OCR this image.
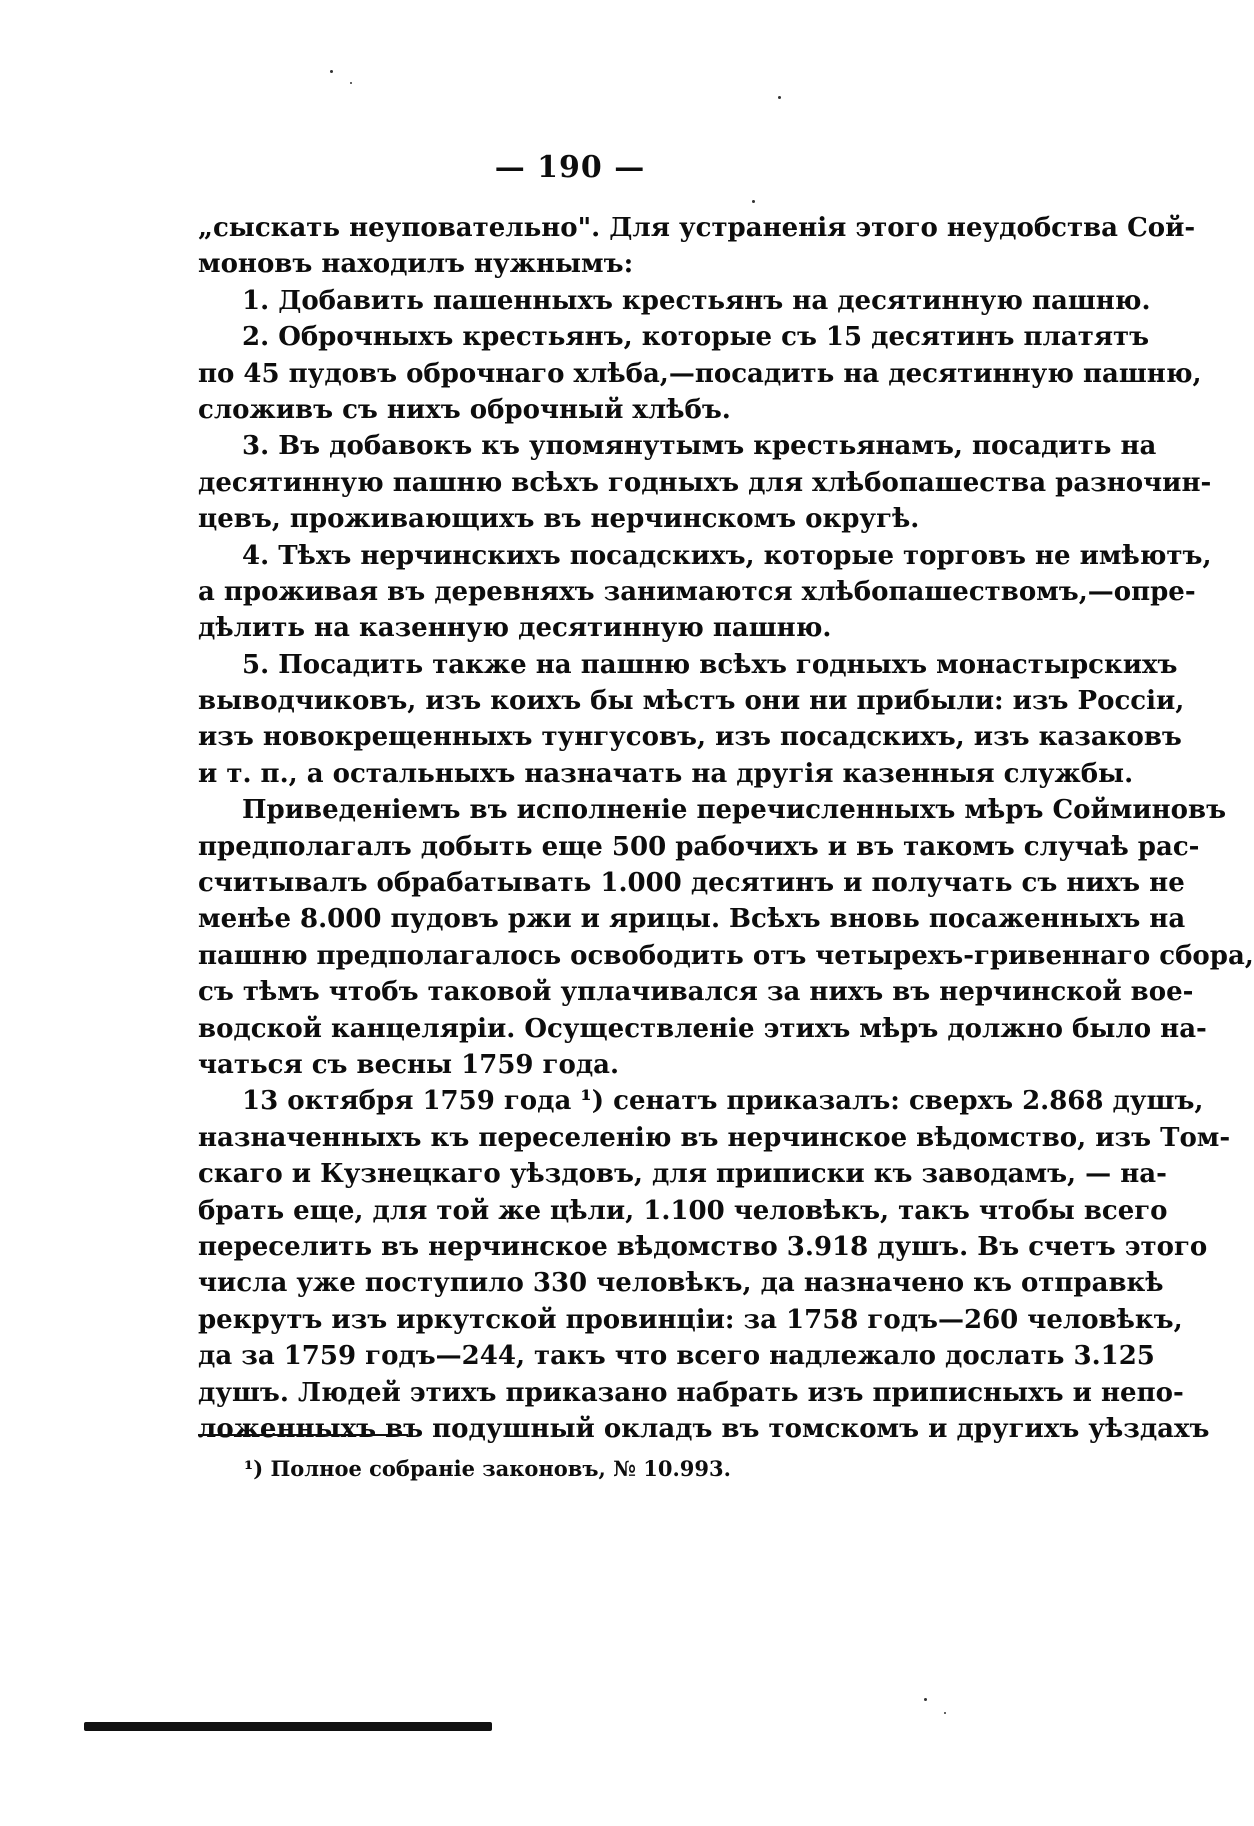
— 190 —
„сыскать неуповательно". Для устраненія этого неудобства Сой-
моновъ находилъ нужнымъ:
1. Добавить пашенныхъ крестьянъ на десятинную пашню.
2. Оброчныхъ крестьянъ, которые съ 15 десятинъ платятъ
по 45 пудовъ оброчнаго хлѣба,—посадить на десятинную пашню,
сложивъ съ нихъ оброчный хлѣбъ.
3. Въ добавокъ къ упомянутымъ крестьянамъ, посадить на
десятинную пашню всѣхъ годныхъ для хлѣбопашества разночин-
цевъ, проживающихъ въ нерчинскомъ округѣ.
4. Тѣхъ нерчинскихъ посадскихъ, которые торговъ не имѣютъ,
а проживая въ деревняхъ занимаются хлѣбопашествомъ,—опре-
дѣлить на казенную десятинную пашню.
5. Посадить также на пашню всѣхъ годныхъ монастырскихъ
выводчиковъ, изъ коихъ бы мѣстъ они ни прибыли: изъ Россіи,
изъ новокрещенныхъ тунгусовъ, изъ посадскихъ, изъ казаковъ
и т. п., а остальныхъ назначать на другія казенныя службы.
Приведеніемъ въ исполненіе перечисленныхъ мѣръ Сойминовъ
предполагалъ добыть еще 500 рабочихъ и въ такомъ случаѣ рас-
считывалъ обрабатывать 1.000 десятинъ и получать съ нихъ не
менѣе 8.000 пудовъ ржи и ярицы. Всѣхъ вновь посаженныхъ на
пашню предполагалось освободить отъ четырехъ-гривеннаго сбора,
съ тѣмъ чтобъ таковой уплачивался за нихъ въ нерчинской вое-
водской канцеляріи. Осуществленіе этихъ мѣръ должно было на-
чаться съ весны 1759 года.
13 октября 1759 года ¹) сенатъ приказалъ: сверхъ 2.868 душъ,
назначенныхъ къ переселенію въ нерчинское вѣдомство, изъ Том-
скаго и Кузнецкаго уѣздовъ, для приписки къ заводамъ, — на-
брать еще, для той же цѣли, 1.100 человѣкъ, такъ чтобы всего
переселить въ нерчинское вѣдомство 3.918 душъ. Въ счетъ этого
числа уже поступило 330 человѣкъ, да назначено къ отправкѣ
рекрутъ изъ иркутской провинціи: за 1758 годъ—260 человѣкъ,
да за 1759 годъ—244, такъ что всего надлежало дослать 3.125
душъ. Людей этихъ приказано набрать изъ приписныхъ и непо-
ложенныхъ въ подушный окладъ въ томскомъ и другихъ уѣздахъ
¹) Полное собраніе законовъ, № 10.993.
